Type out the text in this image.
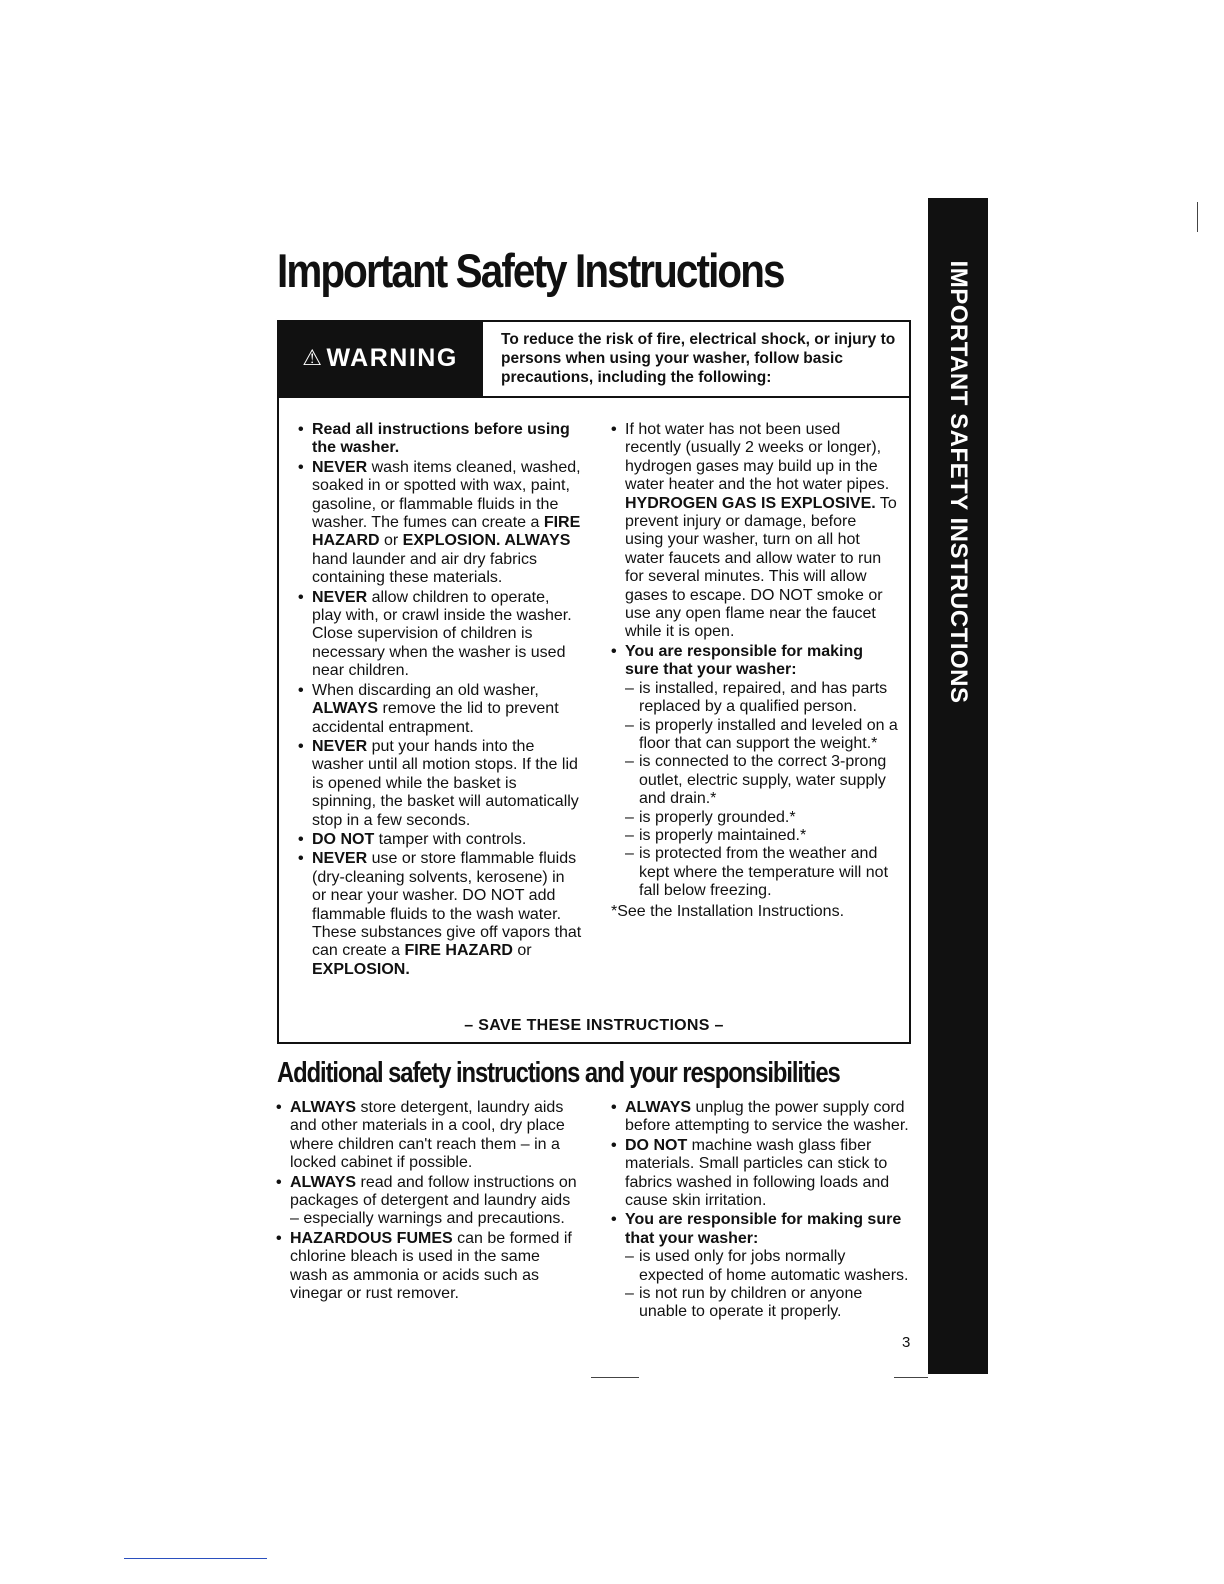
Important Safety Instructions
⚠ WARNING
To reduce the risk of fire, electrical shock, or injury to persons when using your washer, follow basic precautions, including the following:
• Read all instructions before using the washer.
• NEVER wash items cleaned, washed, soaked in or spotted with wax, paint, gasoline, or flammable fluids in the washer. The fumes can create a FIRE HAZARD or EXPLOSION. ALWAYS hand launder and air dry fabrics containing these materials.
• NEVER allow children to operate, play with, or crawl inside the washer. Close supervision of children is necessary when the washer is used near children.
• When discarding an old washer, ALWAYS remove the lid to prevent accidental entrapment.
• NEVER put your hands into the washer until all motion stops. If the lid is opened while the basket is spinning, the basket will automatically stop in a few seconds.
• DO NOT tamper with controls.
• NEVER use or store flammable fluids (dry-cleaning solvents, kerosene) in or near your washer. DO NOT add flammable fluids to the wash water. These substances give off vapors that can create a FIRE HAZARD or EXPLOSION.
• If hot water has not been used recently (usually 2 weeks or longer), hydrogen gases may build up in the water heater and the hot water pipes. HYDROGEN GAS IS EXPLOSIVE. To prevent injury or damage, before using your washer, turn on all hot water faucets and allow water to run for several minutes. This will allow gases to escape. DO NOT smoke or use any open flame near the faucet while it is open.
• You are responsible for making sure that your washer:
– is installed, repaired, and has parts replaced by a qualified person.
– is properly installed and leveled on a floor that can support the weight.*
– is connected to the correct 3-prong outlet, electric supply, water supply and drain.*
– is properly grounded.*
– is properly maintained.*
– is protected from the weather and kept where the temperature will not fall below freezing.

*See the Installation Instructions.

– SAVE THESE INSTRUCTIONS –
Additional safety instructions and your responsibilities
• ALWAYS store detergent, laundry aids and other materials in a cool, dry place where children can't reach them – in a locked cabinet if possible.
• ALWAYS read and follow instructions on packages of detergent and laundry aids – especially warnings and precautions.
• HAZARDOUS FUMES can be formed if chlorine bleach is used in the same wash as ammonia or acids such as vinegar or rust remover.
• ALWAYS unplug the power supply cord before attempting to service the washer.
• DO NOT machine wash glass fiber materials. Small particles can stick to fabrics washed in following loads and cause skin irritation.
• You are responsible for making sure that your washer:
– is used only for jobs normally expected of home automatic washers.
– is not run by children or anyone unable to operate it properly.
3
IMPORTANT SAFETY INSTRUCTIONS
